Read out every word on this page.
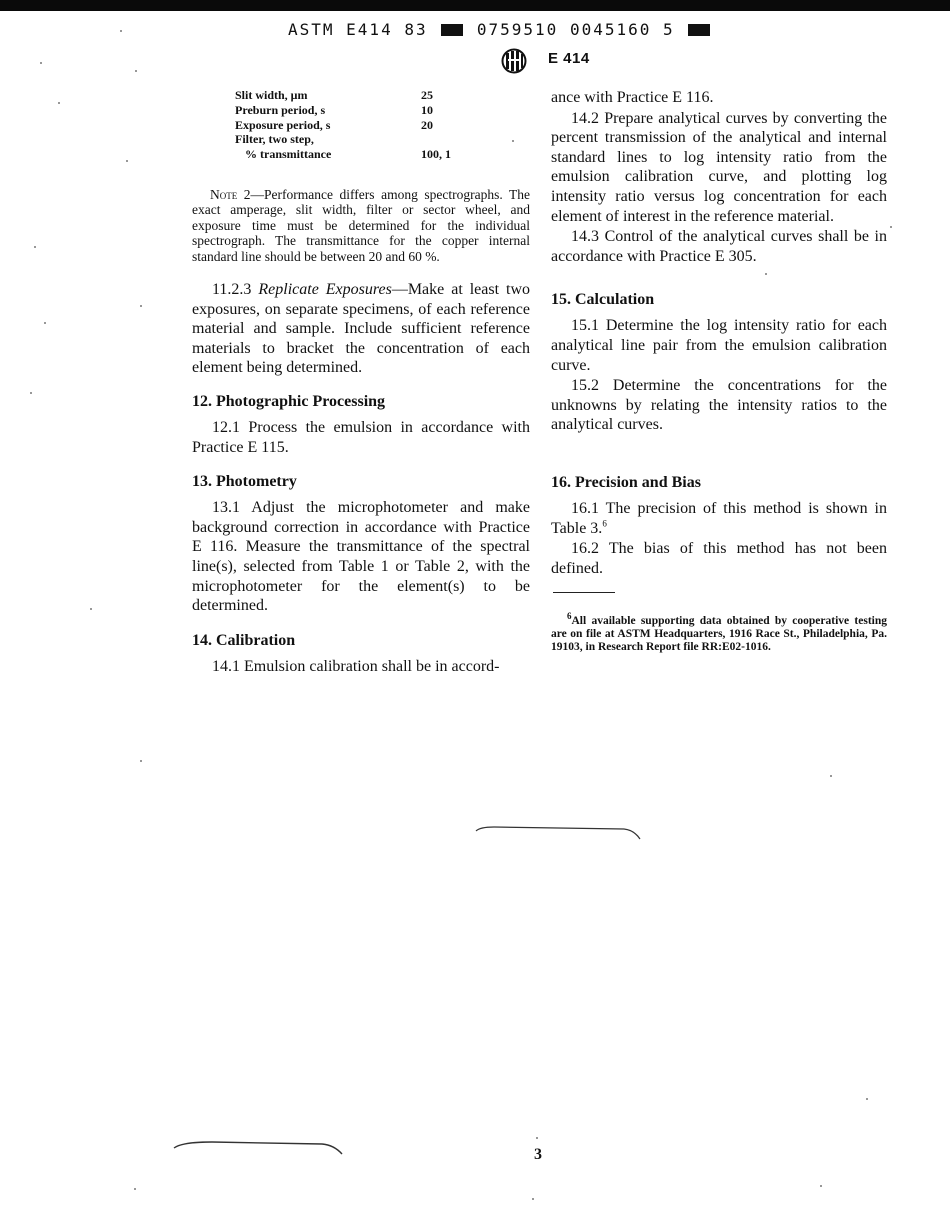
ASTM E414 83	0759510 0045160 5
E 414
Slit width, μm	25
Preburn period, s	10
Exposure period, s	20
Filter, two step,
% transmittance	100, 1

Note 2—Performance differs among spectrographs. The exact amperage, slit width, filter or sector wheel, and exposure time must be determined for the individual spectrograph. The transmittance for the copper internal standard line should be between 20 and 60 %.

11.2.3 Replicate Exposures—Make at least two exposures, on separate specimens, of each reference material and sample. Include sufficient reference materials to bracket the concentration of each element being determined.

12. Photographic Processing

12.1 Process the emulsion in accordance with Practice E 115.

13. Photometry

13.1 Adjust the microphotometer and make background correction in accordance with Practice E 116. Measure the transmittance of the spectral line(s), selected from Table 1 or Table 2, with the microphotometer for the element(s) to be determined.

14. Calibration

14.1 Emulsion calibration shall be in accord-

ance with Practice E 116.

14.2 Prepare analytical curves by converting the percent transmission of the analytical and internal standard lines to log intensity ratio from the emulsion calibration curve, and plotting log intensity ratio versus log concentration for each element of interest in the reference material.

14.3 Control of the analytical curves shall be in accordance with Practice E 305.

15. Calculation

15.1 Determine the log intensity ratio for each analytical line pair from the emulsion calibration curve.

15.2 Determine the concentrations for the unknowns by relating the intensity ratios to the analytical curves.

16. Precision and Bias

16.1 The precision of this method is shown in Table 3.$^6$

16.2 The bias of this method has not been defined.

$^6$All available supporting data obtained by cooperative testing are on file at ASTM Headquarters, 1916 Race St., Philadelphia, Pa. 19103, in Research Report file RR:E02-1016.

3
